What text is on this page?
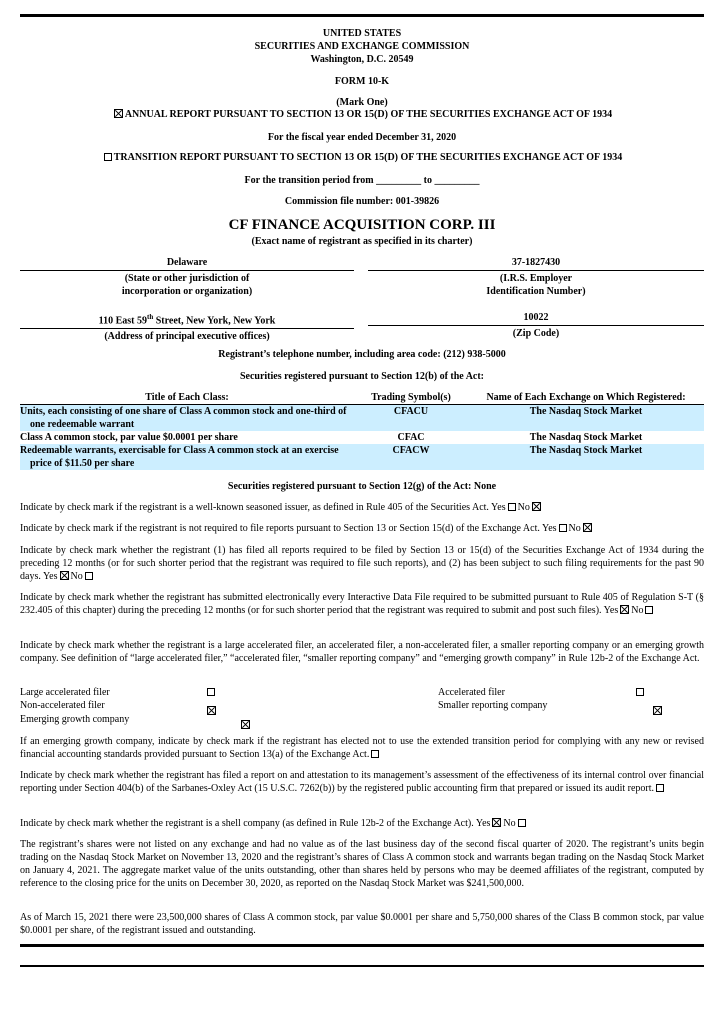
UNITED STATES
SECURITIES AND EXCHANGE COMMISSION
Washington, D.C. 20549
FORM 10-K
(Mark One)
ANNUAL REPORT PURSUANT TO SECTION 13 OR 15(D) OF THE SECURITIES EXCHANGE ACT OF 1934
For the fiscal year ended December 31, 2020
TRANSITION REPORT PURSUANT TO SECTION 13 OR 15(D) OF THE SECURITIES EXCHANGE ACT OF 1934
For the transition period from _________ to _________
Commission file number: 001-39826
CF FINANCE ACQUISITION CORP. III
(Exact name of registrant as specified in its charter)
Delaware
(State or other jurisdiction of
incorporation or organization)
37-1827430
(I.R.S. Employer
Identification Number)
110 East 59th Street, New York, New York
(Address of principal executive offices)
10022
(Zip Code)
Registrant’s telephone number, including area code: (212) 938-5000
Securities registered pursuant to Section 12(b) of the Act:
Title of Each Class:	Trading Symbol(s)	Name of Each Exchange on Which Registered:

Units, each consisting of one share of Class A common stock and one-third of one redeemable warrant	CFACU	The Nasdaq Stock Market

Class A common stock, par value $0.0001 per share	CFAC	The Nasdaq Stock Market

Redeemable warrants, exercisable for Class A common stock at an exercise price of $11.50 per share	CFACW	The Nasdaq Stock Market
Securities registered pursuant to Section 12(g) of the Act: None
Indicate by check mark if the registrant is a well-known seasoned issuer, as defined in Rule 405 of the Securities Act. Yes No
Indicate by check mark if the registrant is not required to file reports pursuant to Section 13 or Section 15(d) of the Exchange Act. Yes No
Indicate by check mark whether the registrant (1) has filed all reports required to be filed by Section 13 or 15(d) of the Securities Exchange Act of 1934 during the preceding 12 months (or for such shorter period that the registrant was required to file such reports), and (2) has been subject to such filing requirements for the past 90 days. Yes No
Indicate by check mark whether the registrant has submitted electronically every Interactive Data File required to be submitted pursuant to Rule 405 of Regulation S-T (§ 232.405 of this chapter) during the preceding 12 months (or for such shorter period that the registrant was required to submit and post such files). Yes No
Indicate by check mark whether the registrant is a large accelerated filer, an accelerated filer, a non-accelerated filer, a smaller reporting company or an emerging growth company. See definition of “large accelerated filer,” “accelerated filer, “smaller reporting company” and “emerging growth company” in Rule 12b-2 of the Exchange Act.
Large accelerated filer	Accelerated filer
Non-accelerated filer
	Smaller reporting company

Emerging growth company
If an emerging growth company, indicate by check mark if the registrant has elected not to use the extended transition period for complying with any new or revised financial accounting standards provided pursuant to Section 13(a) of the Exchange Act.
Indicate by check mark whether the registrant has filed a report on and attestation to its management’s assessment of the effectiveness of its internal control over financial reporting under Section 404(b) of the Sarbanes-Oxley Act (15 U.S.C. 7262(b)) by the registered public accounting firm that prepared or issued its audit report.
Indicate by check mark whether the registrant is a shell company (as defined in Rule 12b-2 of the Exchange Act). Yes No
The registrant’s shares were not listed on any exchange and had no value as of the last business day of the second fiscal quarter of 2020. The registrant’s units begin trading on the Nasdaq Stock Market on November 13, 2020 and the registrant’s shares of Class A common stock and warrants began trading on the Nasdaq Stock Market on January 4, 2021. The aggregate market value of the units outstanding, other than shares held by persons who may be deemed affiliates of the registrant, computed by reference to the closing price for the units on December 30, 2020, as reported on the Nasdaq Stock Market was $241,500,000.
As of March 15, 2021 there were 23,500,000 shares of Class A common stock, par value $0.0001 per share and 5,750,000 shares of the Class B common stock, par value $0.0001 per share, of the registrant issued and outstanding.
